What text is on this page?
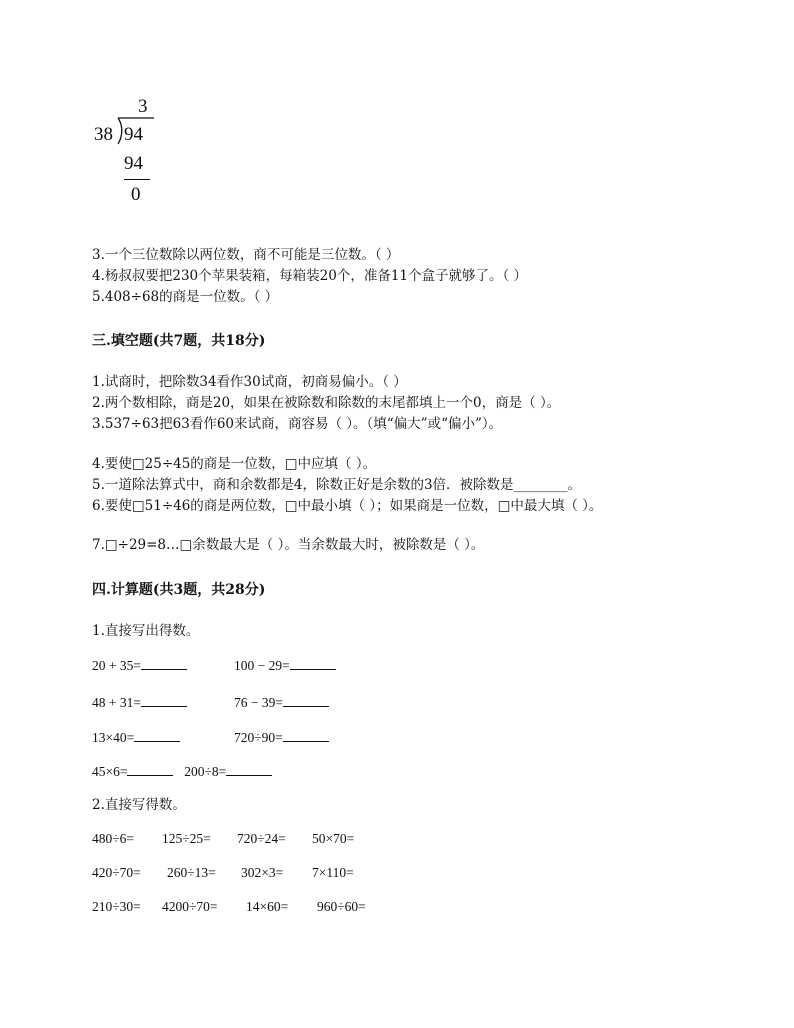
3
38 94
94
0
3.一个三位数除以两位数，商不可能是三位数。（ ）
4.杨叔叔要把230个苹果装箱，每箱装20个，准备11个盒子就够了。（ ）
5.408÷68的商是一位数。（ ）
三.填空题(共7题，共18分)
1.试商时，把除数34看作30试商，初商易偏小。（ ）
2.两个数相除，商是20，如果在被除数和除数的末尾都填上一个0，商是（ ）。
3.537÷63把63看作60来试商，商容易（ ）。（填“偏大”或“偏小”）。
4.要使□25÷45的商是一位数，□中应填（ ）。
5.一道除法算式中，商和余数都是4，除数正好是余数的3倍．被除数是________。
6.要使□51÷46的商是两位数，□中最小填（ ）；如果商是一位数，□中最大填（ ）。
7.□÷29=8…□余数最大是（ ）。当余数最大时，被除数是（ ）。
四.计算题(共3题，共28分)
1.直接写出得数。
20 + 35=	100 − 29=
48 + 31=	76 − 39=
13×40=	720÷90=
45×6=	200÷8=
2.直接写得数。
480÷6= 125÷25= 720÷24= 50×70=
420÷70= 260÷13= 302×3= 7×110=
210÷30= 4200÷70= 14×60= 960÷60=
